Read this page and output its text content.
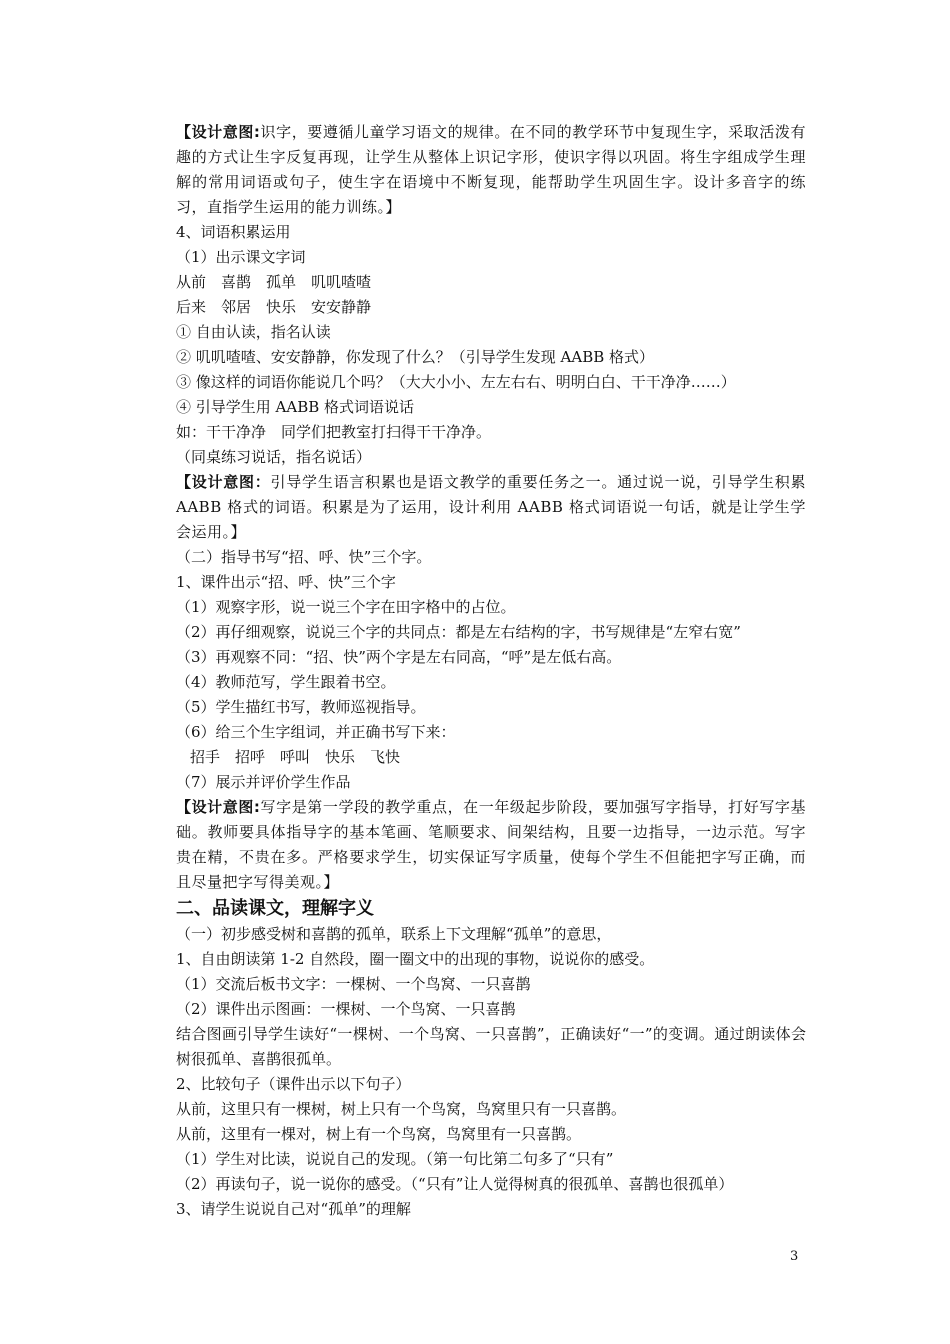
【设计意图:识字，要遵循儿童学习语文的规律。在不同的教学环节中复现生字，采取活泼有趣的方式让生字反复再现，让学生从整体上识记字形，使识字得以巩固。将生字组成学生理解的常用词语或句子，使生字在语境中不断复现，能帮助学生巩固生字。设计多音字的练习，直指学生运用的能力训练。】

4、词语积累运用

（1）出示课文字词

从前　喜鹊　孤单　叽叽喳喳

后来　邻居　快乐　安安静静

① 自由认读，指名认读

② 叽叽喳喳、安安静静，你发现了什么？（引导学生发现 AABB 格式）

③ 像这样的词语你能说几个吗？（大大小小、左左右右、明明白白、干干净净……）

④ 引导学生用 AABB 格式词语说话

如：干干净净　同学们把教室打扫得干干净净。

（同桌练习说话，指名说话）

【设计意图：引导学生语言积累也是语文教学的重要任务之一。通过说一说，引导学生积累 AABB 格式的词语。积累是为了运用，设计利用 AABB 格式词语说一句话，就是让学生学会运用。】

（二）指导书写“招、呼、快”三个字。

1、课件出示“招、呼、快”三个字

（1）观察字形，说一说三个字在田字格中的占位。

（2）再仔细观察，说说三个字的共同点：都是左右结构的字，书写规律是“左窄右宽”

（3）再观察不同：“招、快”两个字是左右同高，“呼”是左低右高。

（4）教师范写，学生跟着书空。

（5）学生描红书写，教师巡视指导。

（6）给三个生字组词，并正确书写下来：

招手　招呼　呼叫　快乐　飞快

（7）展示并评价学生作品

【设计意图:写字是第一学段的教学重点，在一年级起步阶段，要加强写字指导，打好写字基础。教师要具体指导字的基本笔画、笔顺要求、间架结构，且要一边指导，一边示范。写字贵在精，不贵在多。严格要求学生，切实保证写字质量，使每个学生不但能把字写正确，而且尽量把字写得美观。】

二、品读课文，理解字义

（一）初步感受树和喜鹊的孤单，联系上下文理解“孤单”的意思，

1、自由朗读第 1-2 自然段，圈一圈文中的出现的事物，说说你的感受。

（1）交流后板书文字：一棵树、一个鸟窝、一只喜鹊

（2）课件出示图画：一棵树、一个鸟窝、一只喜鹊

结合图画引导学生读好“一棵树、一个鸟窝、一只喜鹊”，正确读好“一”的变调。通过朗读体会树很孤单、喜鹊很孤单。

2、比较句子（课件出示以下句子）

从前，这里只有一棵树，树上只有一个鸟窝，鸟窝里只有一只喜鹊。

从前，这里有一棵对，树上有一个鸟窝，鸟窝里有一只喜鹊。

（1）学生对比读，说说自己的发现。（第一句比第二句多了“只有”

（2）再读句子，说一说你的感受。（“只有”让人觉得树真的很孤单、喜鹊也很孤单）

3、请学生说说自己对“孤单”的理解

3
